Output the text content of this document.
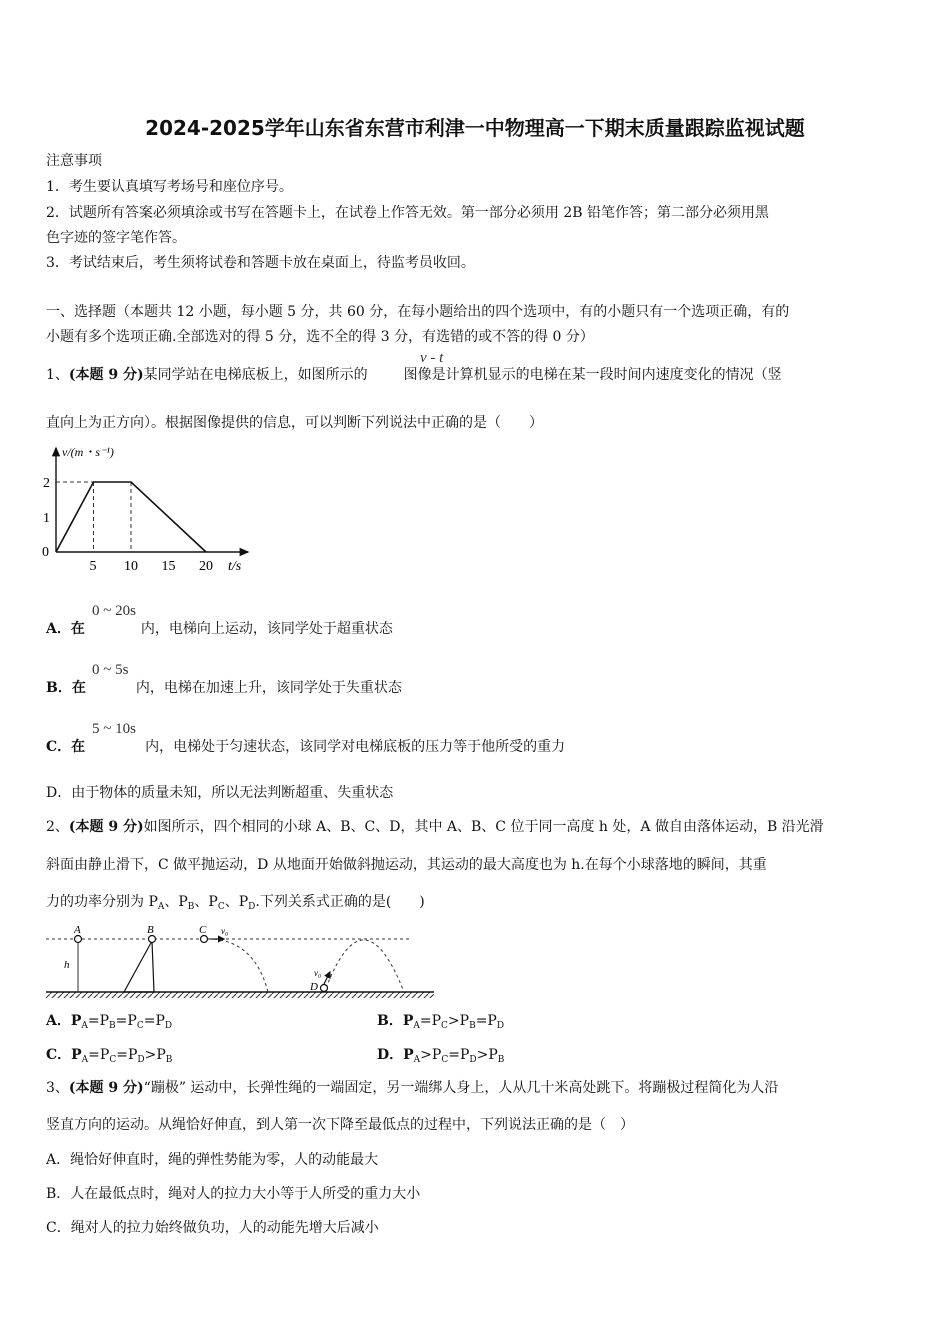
2024-2025学年山东省东营市利津一中物理高一下期末质量跟踪监视试题
注意事项
1．考生要认真填写考场号和座位序号。
2．试题所有答案必须填涂或书写在答题卡上，在试卷上作答无效。第一部分必须用 2B 铅笔作答；第二部分必须用黑
色字迹的签字笔作答。
3．考试结束后，考生须将试卷和答题卡放在桌面上，待监考员收回。
一、选择题（本题共 12 小题，每小题 5 分，共 60 分，在每小题给出的四个选项中，有的小题只有一个选项正确，有的
小题有多个选项正确.全部选对的得 5 分，选不全的得 3 分，有选错的或不答的得 0 分）
1、(本题 9 分)某同学站在电梯底板上，如图所示的	图像是计算机显示的电梯在某一段时间内速度变化的情况（竖
v - t
直向上为正方向）。根据图像提供的信息，可以判断下列说法中正确的是（　　）
5 10 15 20
0
1
2
t/s
v/(m・s⁻¹)
A．在	内，电梯向上运动，该同学处于超重状态
0 ~ 20s
B．在	内，电梯在加速上升，该同学处于失重状态
0 ~ 5s
C．在	内，电梯处于匀速状态，该同学对电梯底板的压力等于他所受的重力
5 ~ 10s
D．由于物体的质量未知，所以无法判断超重、失重状态
2、(本题 9 分)如图所示，四个相同的小球 A、B、C、D，其中 A、B、C 位于同一高度 h 处，A 做自由落体运动，B 沿光滑
斜面由静止滑下，C 做平抛运动，D 从地面开始做斜抛运动，其运动的最大高度也为 h.在每个小球落地的瞬间，其重
力的功率分别为 $P_A$、$P_B$、$P_C$、$P_D$.下列关系式正确的是(　　)
A
h
B	C v₀
D
v₀
A．$P_A=P_B=P_C=P_D$	B．$P_A=P_C>P_B=P_D$
C．$P_A=P_C=P_D>P_B$	D．$P_A>P_C=P_D>P_B$
3、(本题 9 分)“蹦极” 运动中，长弹性绳的一端固定，另一端绑人身上，人从几十米高处跳下。将蹦极过程简化为人沿
竖直方向的运动。从绳恰好伸直，到人第一次下降至最低点的过程中，下列说法正确的是（　）
A．绳恰好伸直时，绳的弹性势能为零，人的动能最大
B．人在最低点时，绳对人的拉力大小等于人所受的重力大小
C．绳对人的拉力始终做负功，人的动能先增大后减小
